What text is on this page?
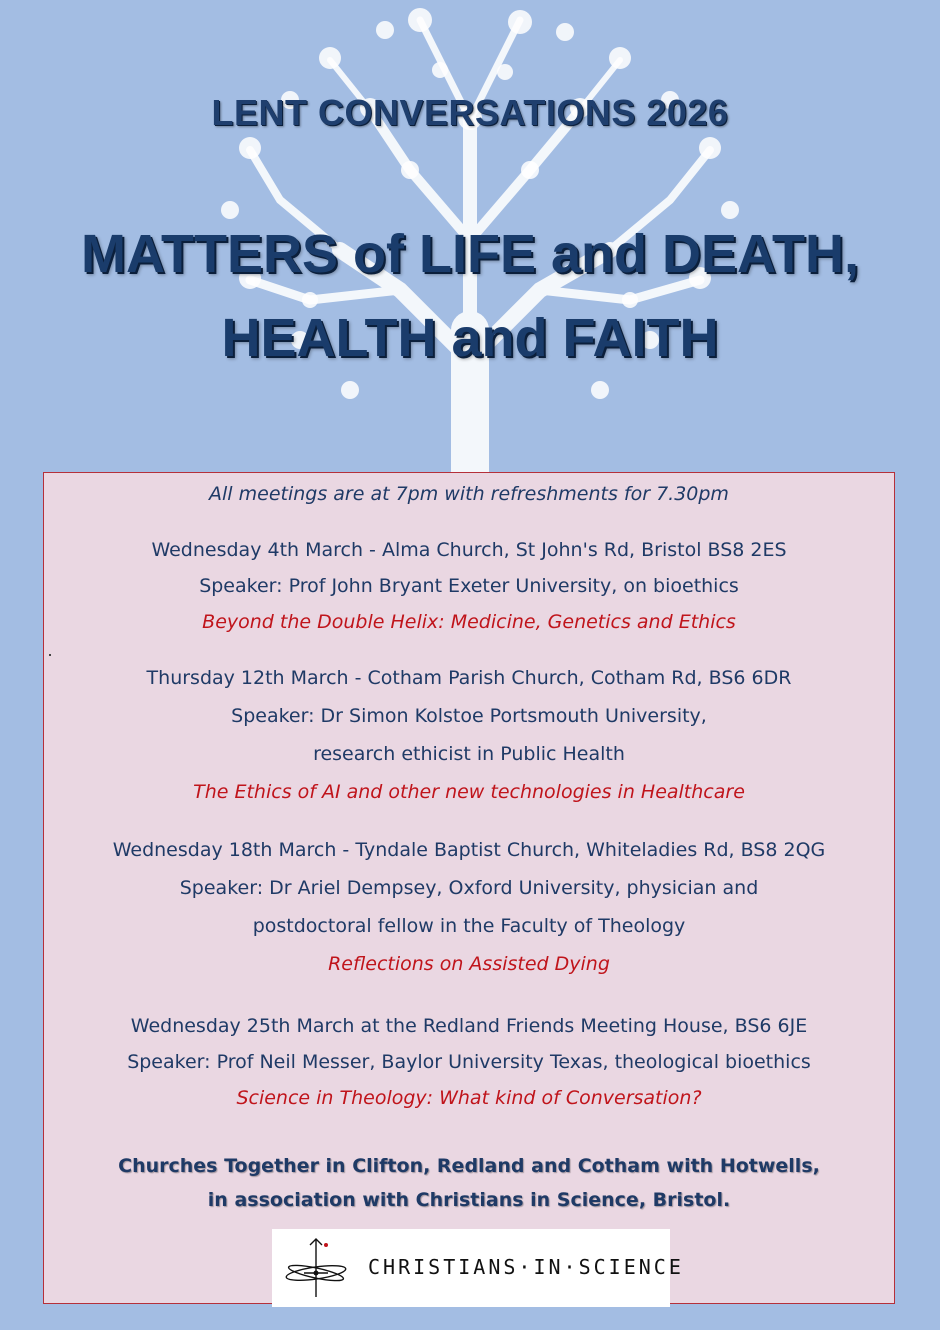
LENT CONVERSATIONS 2026
MATTERS of LIFE and DEATH,
HEALTH and FAITH
All meetings are at 7pm with refreshments for 7.30pm
Wednesday 4th March - Alma Church, St John's Rd, Bristol BS8 2ES
Speaker: Prof John Bryant Exeter University, on bioethics
Beyond the Double Helix: Medicine, Genetics and Ethics
Thursday 12th March - Cotham Parish Church, Cotham Rd, BS6 6DR
Speaker: Dr Simon Kolstoe Portsmouth University,
research ethicist in Public Health
The Ethics of AI and other new technologies in Healthcare
Wednesday 18th March - Tyndale Baptist Church, Whiteladies Rd, BS8 2QG
Speaker: Dr Ariel Dempsey, Oxford University, physician and
postdoctoral fellow in the Faculty of Theology
Reflections on Assisted Dying
Wednesday 25th March at the Redland Friends Meeting House, BS6 6JE
Speaker: Prof Neil Messer, Baylor University Texas, theological bioethics
Science in Theology: What kind of Conversation?
Churches Together in Clifton, Redland and Cotham with Hotwells,
in association with Christians in Science, Bristol.
CHRISTIANS·IN·SCIENCE
